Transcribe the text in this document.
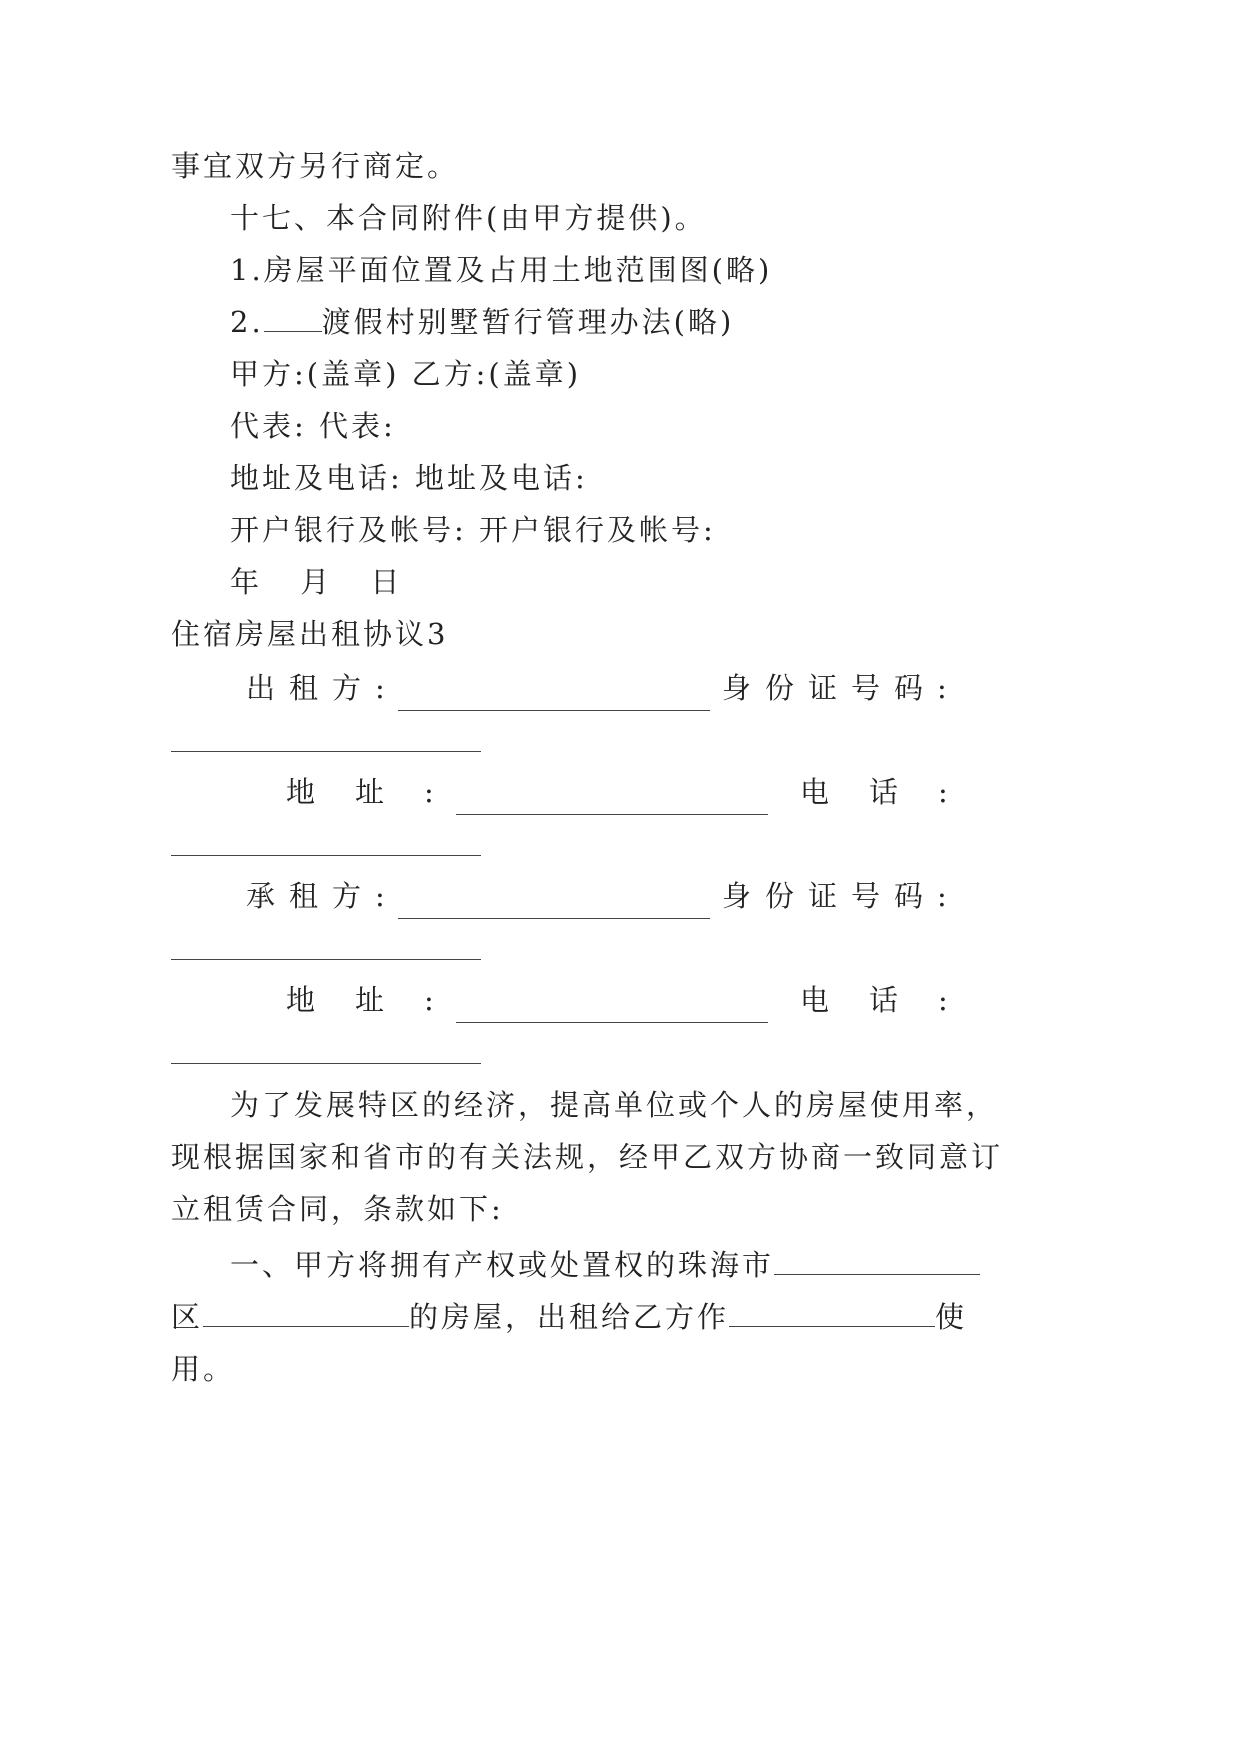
事宜双方另行商定。
十七、本合同附件(由甲方提供)。
1.房屋平面位置及占用土地范围图(略)
2. 渡假村别墅暂行管理办法(略)
甲方:(盖章) 乙方:(盖章)
代表: 代表:
地址及电话: 地址及电话:
开户银行及帐号: 开户银行及帐号:
年 月 日
住宿房屋出租协议3
出租方:	身份证号码:
地址:	电话:
承租方:	身份证号码:
地址:	电话:
为了发展特区的经济，提高单位或个人的房屋使用率，
现根据国家和省市的有关法规，经甲乙双方协商一致同意订
立租赁合同，条款如下:
一、甲方将拥有产权或处置权的珠海市
区	的房屋，出租给乙方作	使
用。
